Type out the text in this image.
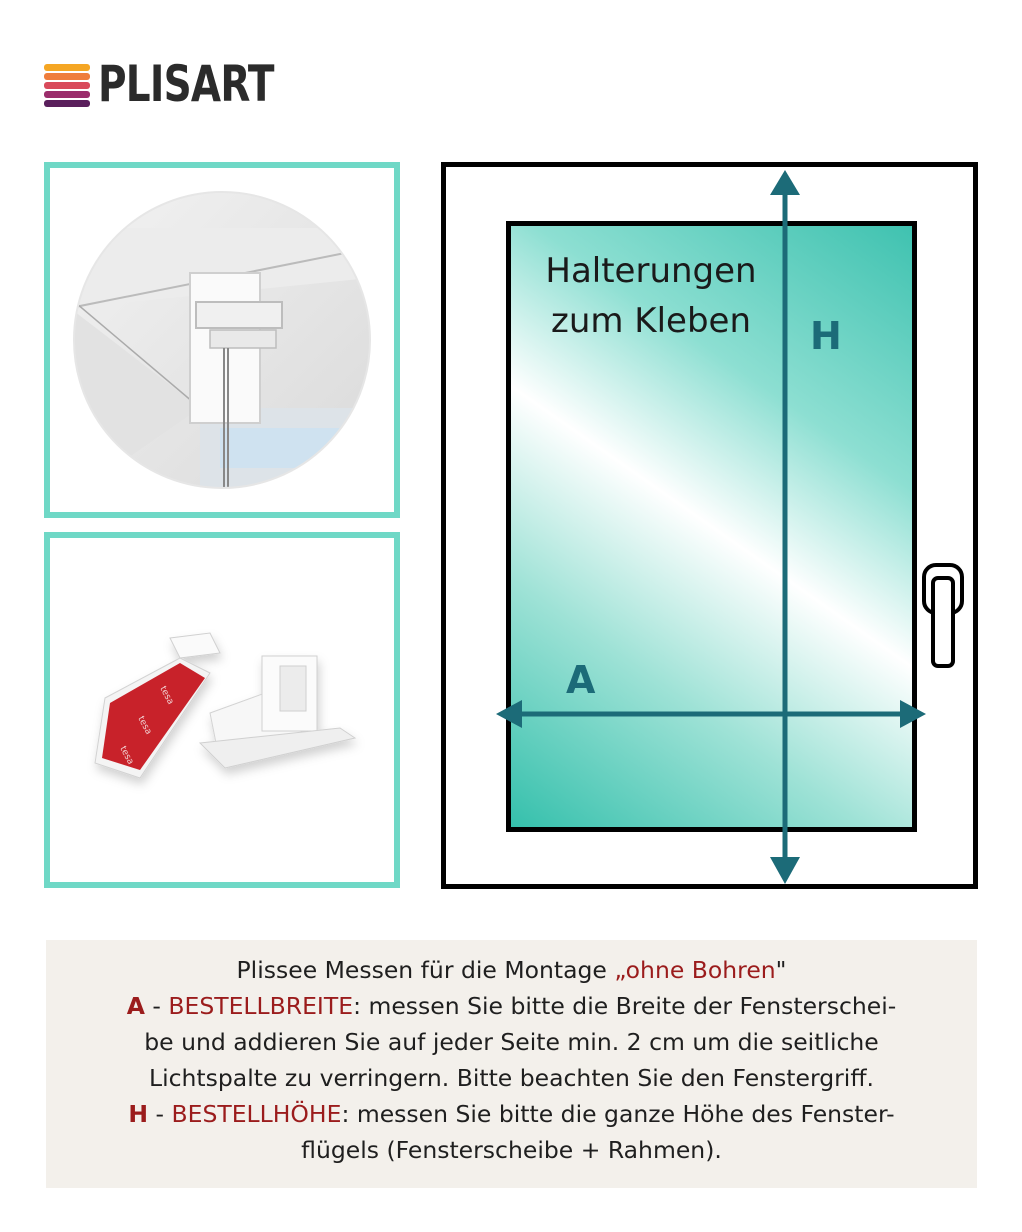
PLISART
tesa
tesa
tesa
Halterungen
zum Kleben	H
A
Plissee Messen für die Montage „ohne Bohren"
A - BESTELLBREITE: messen Sie bitte die Breite der Fensterschei-
be und addieren Sie auf jeder Seite min. 2 cm um die seitliche
Lichtspalte zu verringern. Bitte beachten Sie den Fenstergriff.
H - BESTELLHÖHE: messen Sie bitte die ganze Höhe des Fenster-
flügels (Fensterscheibe + Rahmen).
